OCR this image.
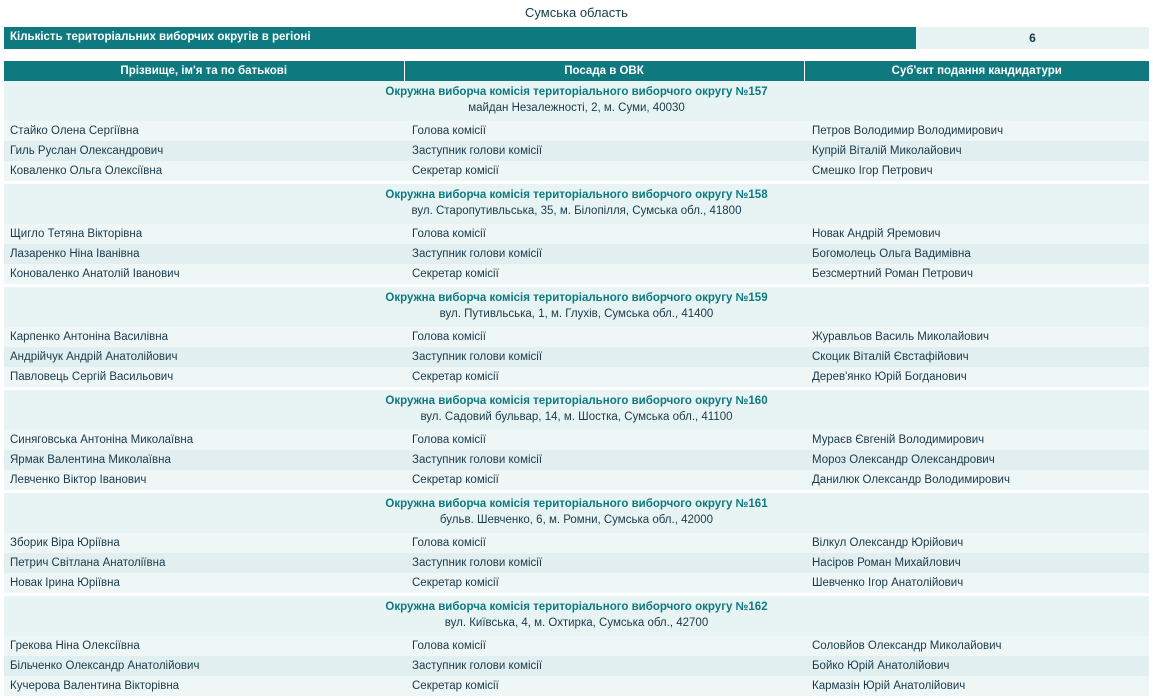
Сумська область
Кількість територіальних виборчих округів в регіоні	6
Прізвище, ім'я та по батькові	Посада в ОВК	Суб'єкт подання кандидатури

Окружна виборча комісія територіального виборчого округу №157
майдан Незалежності, 2, м. Суми, 40030		

Стайко Олена Сергіївна	Голова комісії	Петров Володимир Володимирович
Гиль Руслан Олександрович	Заступник голови комісії	Купрій Віталій Миколайович
Коваленко Ольга Олексіївна	Секретар комісії	Смешко Ігор Петрович

Окружна виборча комісія територіального виборчого округу №158
вул. Старопутивльська, 35, м. Білопілля, Сумська обл., 41800		

Щигло Тетяна Вікторівна	Голова комісії	Новак Андрій Яремович
Лазаренко Ніна Іванівна	Заступник голови комісії	Богомолець Ольга Вадимівна
Коноваленко Анатолій Іванович	Секретар комісії	Безсмертний Роман Петрович

Окружна виборча комісія територіального виборчого округу №159
вул. Путивльська, 1, м. Глухів, Сумська обл., 41400		

Карпенко Антоніна Василівна	Голова комісії	Журавльов Василь Миколайович
Андрійчук Андрій Анатолійович	Заступник голови комісії	Скоцик Віталій Євстафійович
Павловець Сергій Васильович	Секретар комісії	Дерев'янко Юрій Богданович

Окружна виборча комісія територіального виборчого округу №160
вул. Садовий бульвар, 14, м. Шостка, Сумська обл., 41100		

Синяговська Антоніна Миколаївна	Голова комісії	Мураєв Євгеній Володимирович
Ярмак Валентина Миколаївна	Заступник голови комісії	Мороз Олександр Олександрович
Левченко Віктор Іванович	Секретар комісії	Данилюк Олександр Володимирович

Окружна виборча комісія територіального виборчого округу №161
бульв. Шевченко, 6, м. Ромни, Сумська обл., 42000		

Зборик Віра Юріївна	Голова комісії	Вілкул Олександр Юрійович
Петрич Світлана Анатоліївна	Заступник голови комісії	Насіров Роман Михайлович
Новак Ірина Юріївна	Секретар комісії	Шевченко Ігор Анатолійович

Окружна виборча комісія територіального виборчого округу №162
вул. Київська, 4, м. Охтирка, Сумська обл., 42700		

Грекова Ніна Олексіївна	Голова комісії	Соловйов Олександр Миколайович
Більченко Олександр Анатолійович	Заступник голови комісії	Бойко Юрій Анатолійович
Кучерова Валентина Вікторівна	Секретар комісії	Кармазін Юрій Анатолійович
